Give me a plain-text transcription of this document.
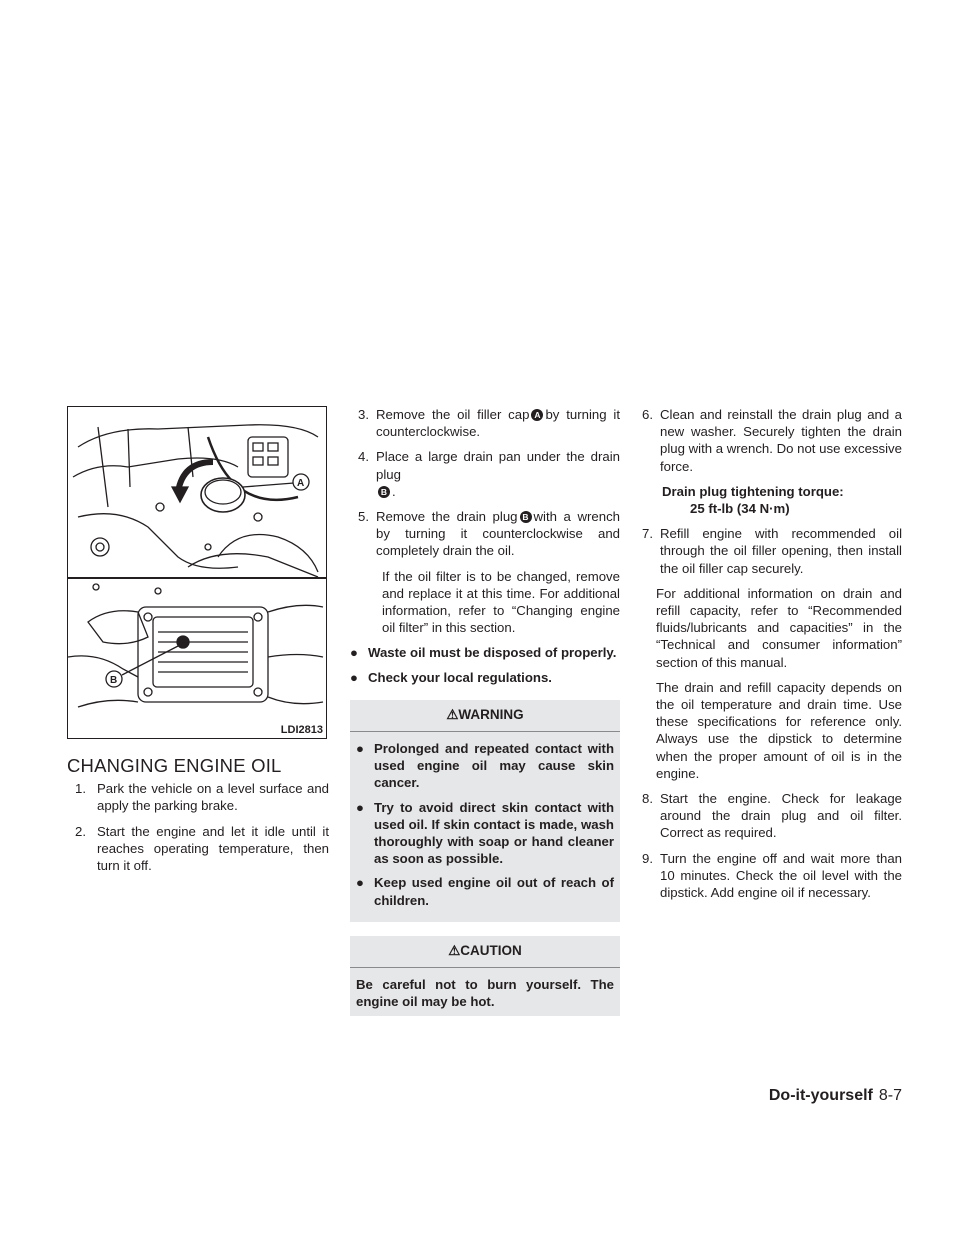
A
B
LDI2813
CHANGING ENGINE OIL
1. Park the vehicle on a level surface and apply the parking brake.
2. Start the engine and let it idle until it reaches operating temperature, then turn it off.
3. Remove the oil filler cap A by turning it counterclockwise.
4. Place a large drain pan under the drain plug
B .
5. Remove the drain plug B with a wrench by turning it counterclockwise and completely drain the oil.
If the oil filter is to be changed, remove and replace it at this time. For additional information, refer to “Changing engine oil filter” in this section.
● Waste oil must be disposed of properly.
● Check your local regulations.
⚠WARNING
● Prolonged and repeated contact with used engine oil may cause skin cancer.
● Try to avoid direct skin contact with used oil. If skin contact is made, wash thoroughly with soap or hand cleaner as soon as possible.
● Keep used engine oil out of reach of children.
⚠CAUTION
Be careful not to burn yourself. The engine oil may be hot.
6. Clean and reinstall the drain plug and a new washer. Securely tighten the drain plug with a wrench. Do not use excessive force.
Drain plug tightening torque:
25 ft-lb (34 N·m)
7. Refill engine with recommended oil through the oil filler opening, then install the oil filler cap securely.
For additional information on drain and refill capacity, refer to “Recommended fluids/lubricants and capacities” in the “Technical and consumer information” section of this manual.
The drain and refill capacity depends on the oil temperature and drain time. Use these specifications for reference only. Always use the dipstick to determine when the proper amount of oil is in the engine.
8. Start the engine. Check for leakage around the drain plug and oil filter. Correct as required.
9. Turn the engine off and wait more than 10 minutes. Check the oil level with the dipstick. Add engine oil if necessary.
Do-it-yourself 8-7
